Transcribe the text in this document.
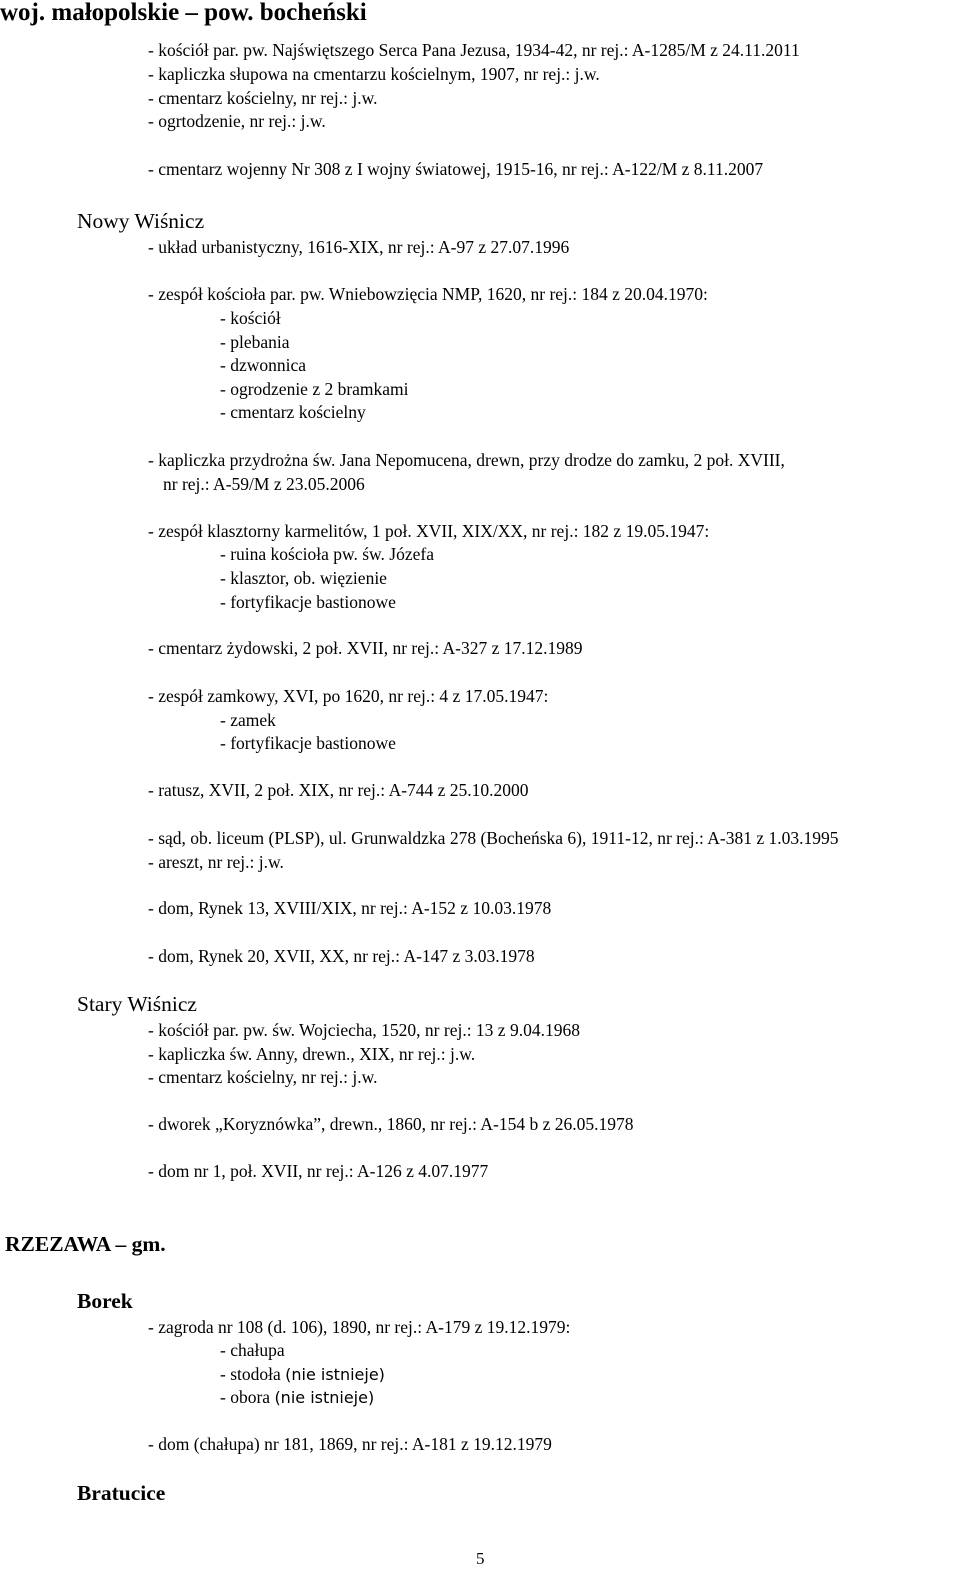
woj. małopolskie – pow. bocheński
- kościół par. pw. Najświętszego Serca Pana Jezusa, 1934-42, nr rej.: A-1285/M z 24.11.2011
- kapliczka słupowa na cmentarzu kościelnym, 1907, nr rej.: j.w.
- cmentarz kościelny, nr rej.: j.w.
- ogrtodzenie, nr rej.: j.w.
- cmentarz wojenny Nr 308 z I wojny światowej, 1915-16, nr rej.: A-122/M z 8.11.2007
Nowy Wiśnicz
- układ urbanistyczny, 1616-XIX, nr rej.: A-97 z 27.07.1996
- zespół kościoła par. pw. Wniebowzięcia NMP, 1620, nr rej.: 184 z 20.04.1970:
- kościół
- plebania
- dzwonnica
- ogrodzenie z 2 bramkami
- cmentarz kościelny
- kapliczka przydrożna św. Jana Nepomucena, drewn, przy drodze do zamku, 2 poł. XVIII,
nr rej.: A-59/M z 23.05.2006
- zespół klasztorny karmelitów, 1 poł. XVII, XIX/XX, nr rej.: 182 z 19.05.1947:
- ruina kościoła pw. św. Józefa
- klasztor, ob. więzienie
- fortyfikacje bastionowe
- cmentarz żydowski, 2 poł. XVII, nr rej.: A-327 z 17.12.1989
- zespół zamkowy, XVI, po 1620, nr rej.: 4 z 17.05.1947:
- zamek
- fortyfikacje bastionowe
- ratusz, XVII, 2 poł. XIX, nr rej.: A-744 z 25.10.2000
- sąd, ob. liceum (PLSP), ul. Grunwaldzka 278 (Bocheńska 6), 1911-12, nr rej.: A-381 z 1.03.1995
- areszt, nr rej.: j.w.
- dom, Rynek 13, XVIII/XIX, nr rej.: A-152 z 10.03.1978
- dom, Rynek 20, XVII, XX, nr rej.: A-147 z 3.03.1978
Stary Wiśnicz
- kościół par. pw. św. Wojciecha, 1520, nr rej.: 13 z 9.04.1968
- kapliczka św. Anny, drewn., XIX, nr rej.: j.w.
- cmentarz kościelny, nr rej.: j.w.
- dworek „Koryznówka”, drewn., 1860, nr rej.: A-154 b z 26.05.1978
- dom nr 1, poł. XVII, nr rej.: A-126 z 4.07.1977
RZEZAWA – gm.
Borek
- zagroda nr 108 (d. 106), 1890, nr rej.: A-179 z 19.12.1979:
- chałupa
- stodoła (nie istnieje)
- obora (nie istnieje)
- dom (chałupa) nr 181, 1869, nr rej.: A-181 z 19.12.1979
Bratucice
5
